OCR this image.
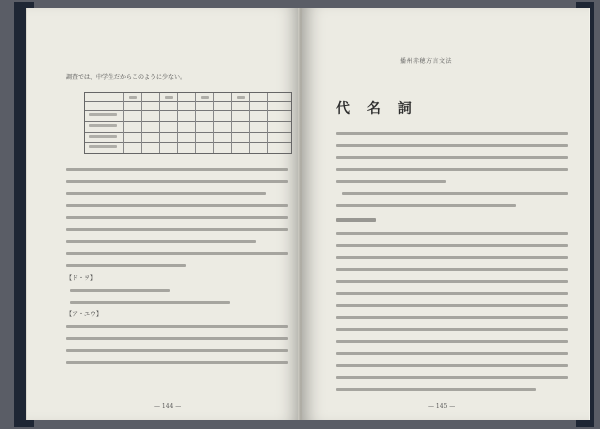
調査では、中学生だからこのように少ない。
【ド・ヲ】
【ア・ユウ】
— 144 —
播州赤穂方言文法
代 名 詞
— 145 —
